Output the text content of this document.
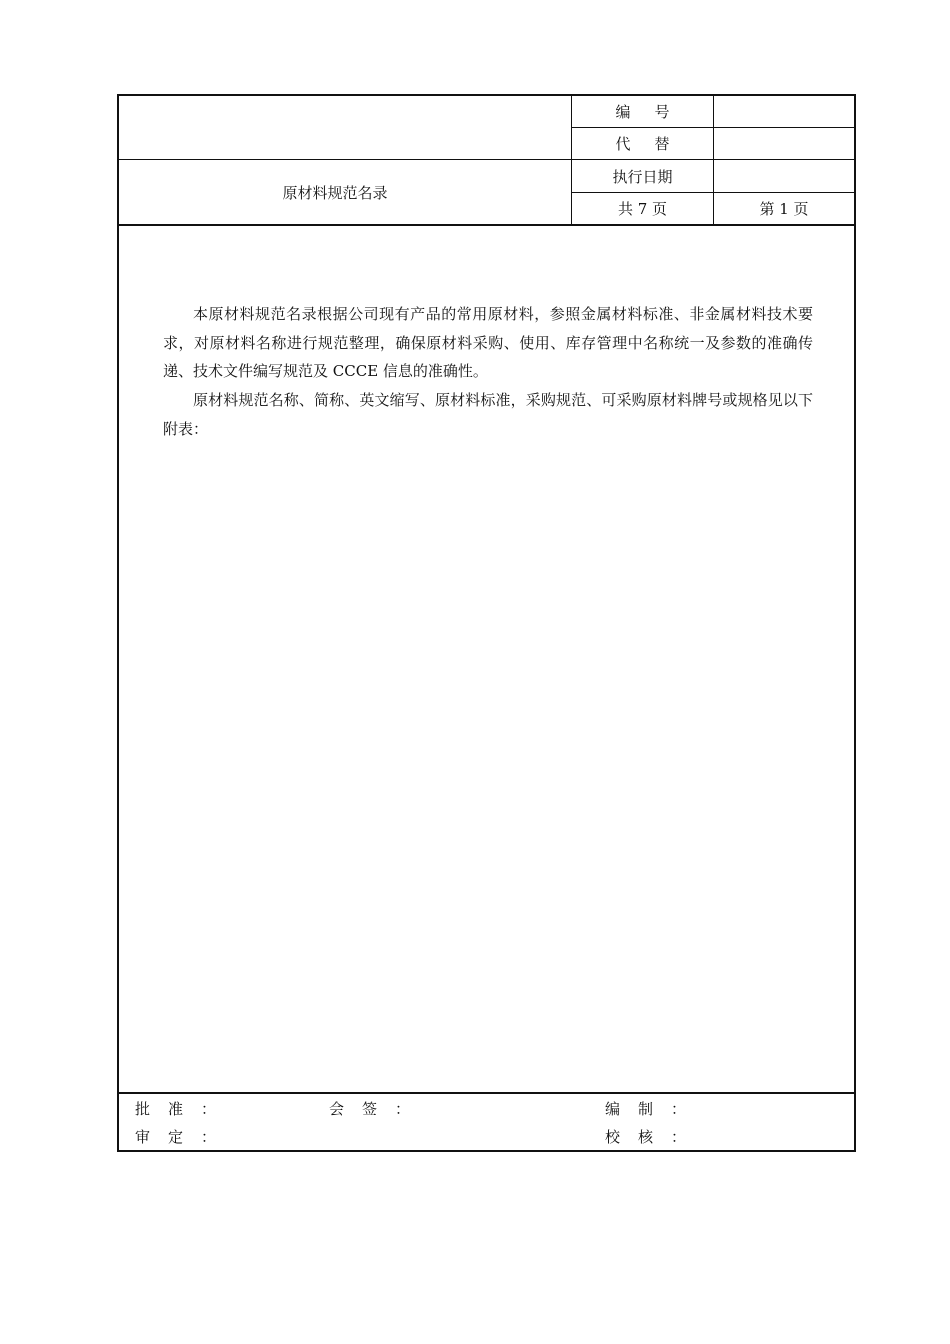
原材料规范名录
编号
代替
执行日期
共 7 页	第 1 页

本原材料规范名录根据公司现有产品的常用原材料，参照金属材料标准、非金属材料技术要求，对原材料名称进行规范整理，确保原材料采购、使用、库存管理中名称统一及参数的准确传递、技术文件编写规范及 CCCE 信息的准确性。

原材料规范名称、简称、英文缩写、原材料标准，采购规范、可采购原材料牌号或规格见以下附表：

批准：	会签：	编制：
审定：	校核：
